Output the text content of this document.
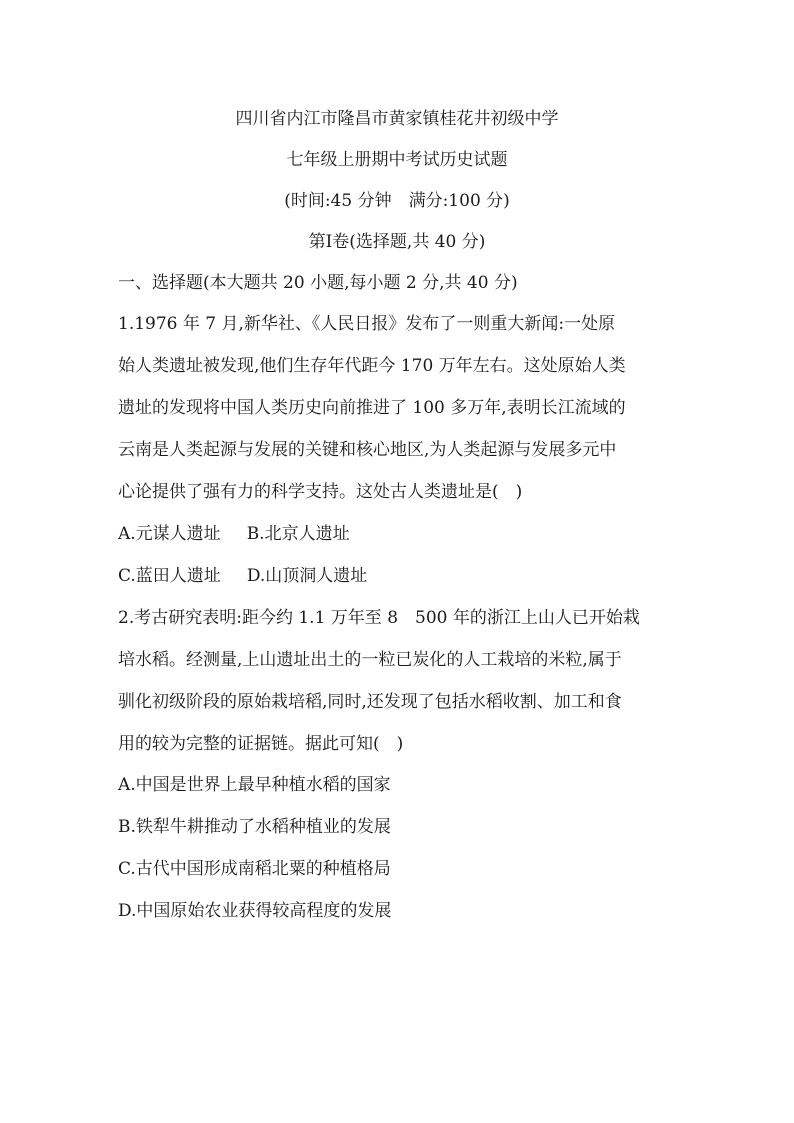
四川省内江市隆昌市黄家镇桂花井初级中学
七年级上册期中考试历史试题
(时间:45 分钟　满分:100 分)
第Ⅰ卷(选择题,共 40 分)
一、选择题(本大题共 20 小题,每小题 2 分,共 40 分)
1.1976 年 7 月,新华社、《人民日报》发布了一则重大新闻:一处原
始人类遗址被发现,他们生存年代距今 170 万年左右。这处原始人类
遗址的发现将中国人类历史向前推进了 100 多万年,表明长江流域的
云南是人类起源与发展的关键和核心地区,为人类起源与发展多元中
心论提供了强有力的科学支持。这处古人类遗址是(　)
A.元谋人遗址 B.北京人遗址
C.蓝田人遗址 D.山顶洞人遗址
2.考古研究表明:距今约 1.1 万年至 8　500 年的浙江上山人已开始栽
培水稻。经测量,上山遗址出土的一粒已炭化的人工栽培的米粒,属于
驯化初级阶段的原始栽培稻,同时,还发现了包括水稻收割、加工和食
用的较为完整的证据链。据此可知(　)
A.中国是世界上最早种植水稻的国家
B.铁犁牛耕推动了水稻种植业的发展
C.古代中国形成南稻北粟的种植格局
D.中国原始农业获得较高程度的发展
